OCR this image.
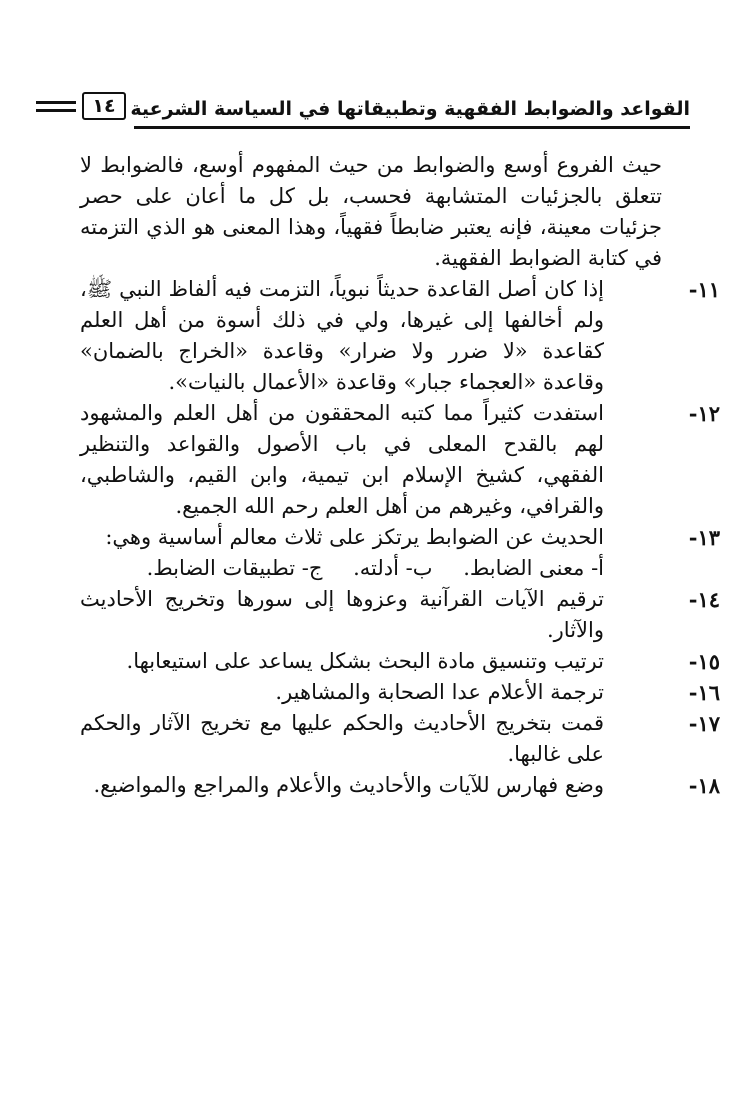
القواعد والضوابط الفقهية وتطبيقاتها في السياسة الشرعية
١٤

حيث الفروع أوسع والضوابط من حيث المفهوم أوسع، فالضوابط لا تتعلق بالجزئيات المتشابهة فحسب، بل كل ما أعان على حصر جزئيات معينة، فإنه يعتبر ضابطاً فقهياً، وهذا المعنى هو الذي التزمته في كتابة الضوابط الفقهية.

١١-
إذا كان أصل القاعدة حديثاً نبوياً، التزمت فيه ألفاظ النبي ﷺ، ولم أخالفها إلى غيرها، ولي في ذلك أسوة من أهل العلم كقاعدة «لا ضرر ولا ضرار» وقاعدة «الخراج بالضمان» وقاعدة «العجماء جبار» وقاعدة «الأعمال بالنيات».
١٢-
استفدت كثيراً مما كتبه المحققون من أهل العلم والمشهود لهم بالقدح المعلى في باب الأصول والقواعد والتنظير الفقهي، كشيخ الإسلام ابن تيمية، وابن القيم، والشاطبي، والقرافي، وغيرهم من أهل العلم رحم الله الجميع.
١٣-
الحديث عن الضوابط يرتكز على ثلاث معالم أساسية وهي:
أ- معنى الضابط. ب- أدلته. ج- تطبيقات الضابط.
١٤-
ترقيم الآيات القرآنية وعزوها إلى سورها وتخريج الأحاديث والآثار.
١٥-
ترتيب وتنسيق مادة البحث بشكل يساعد على استيعابها.
١٦-
ترجمة الأعلام عدا الصحابة والمشاهير.
١٧-
قمت بتخريج الأحاديث والحكم عليها مع تخريج الآثار والحكم على غالبها.
١٨-
وضع فهارس للآيات والأحاديث والأعلام والمراجع والمواضيع.
